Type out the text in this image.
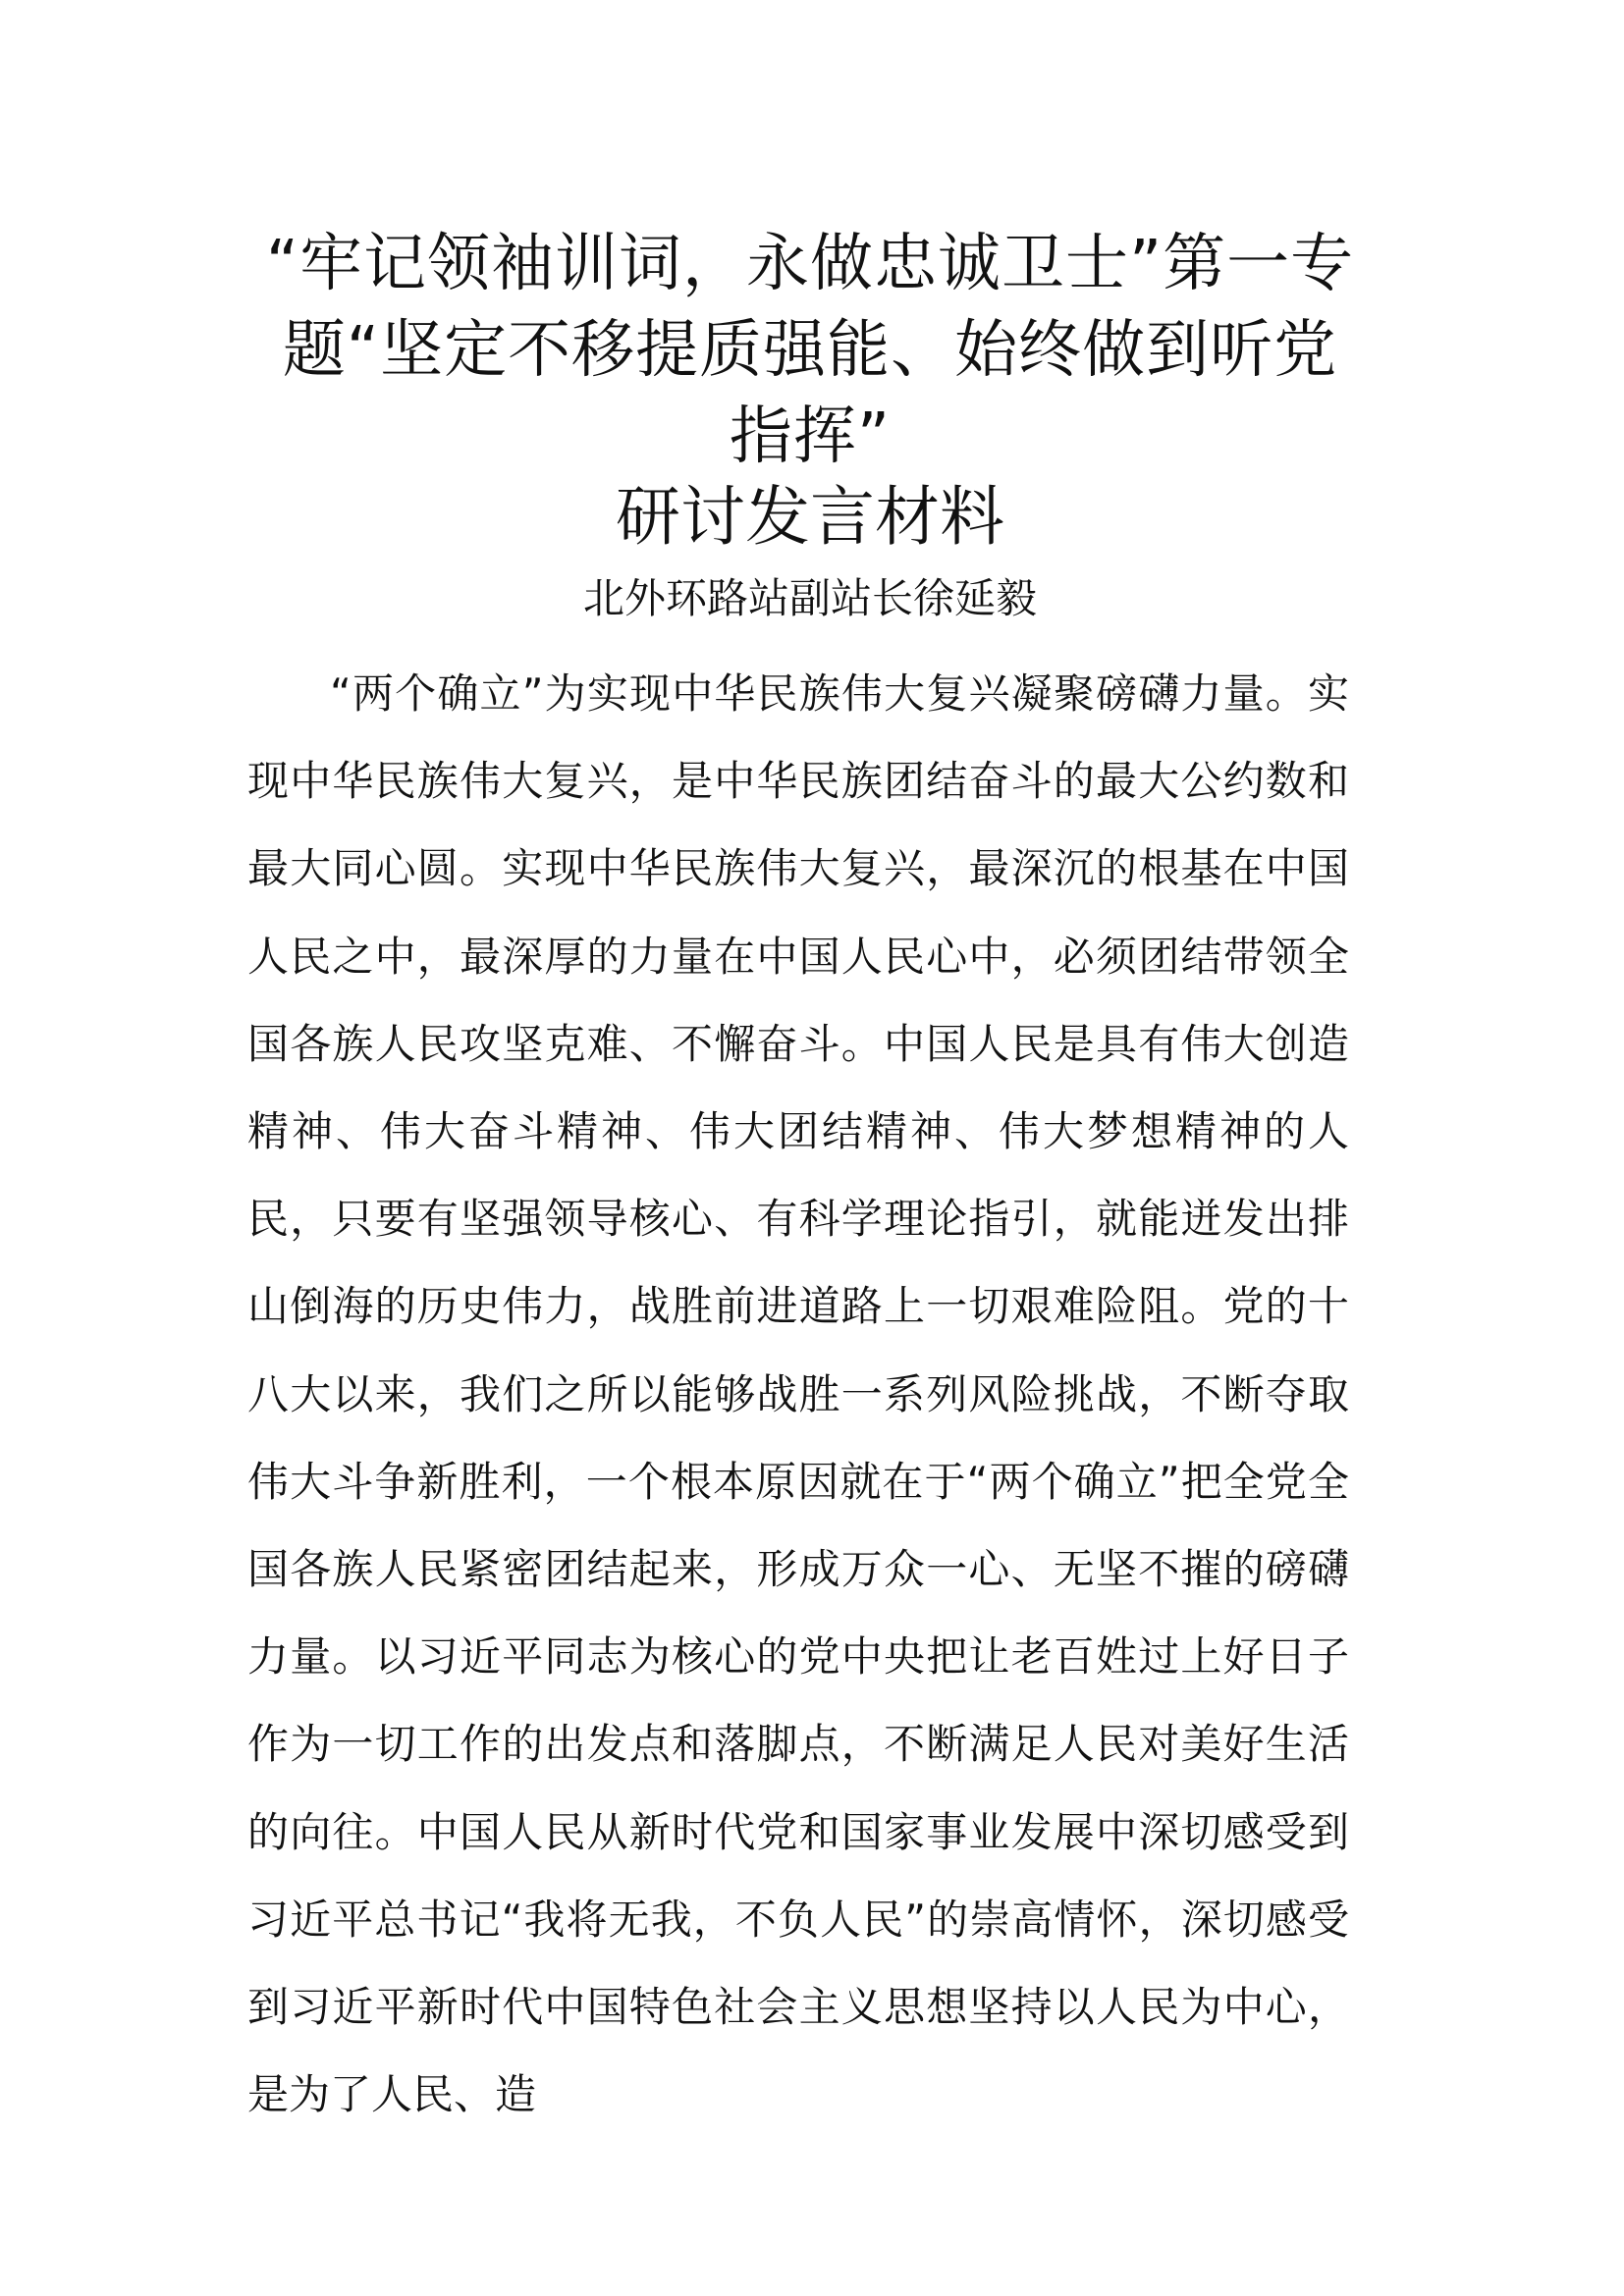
“牢记领袖训词，永做忠诚卫士”第一专题“坚定不移提质强能、始终做到听党指挥”
研讨发言材料
北外环路站副站长徐延毅

“两个确立”为实现中华民族伟大复兴凝聚磅礴力量。实现中华民族伟大复兴，是中华民族团结奋斗的最大公约数和最大同心圆。实现中华民族伟大复兴，最深沉的根基在中国人民之中，最深厚的力量在中国人民心中，必须团结带领全国各族人民攻坚克难、不懈奋斗。中国人民是具有伟大创造精神、伟大奋斗精神、伟大团结精神、伟大梦想精神的人民，只要有坚强领导核心、有科学理论指引，就能迸发出排山倒海的历史伟力，战胜前进道路上一切艰难险阻。党的十八大以来，我们之所以能够战胜一系列风险挑战，不断夺取伟大斗争新胜利，一个根本原因就在于“两个确立”把全党全国各族人民紧密团结起来，形成万众一心、无坚不摧的磅礴力量。以习近平同志为核心的党中央把让老百姓过上好日子作为一切工作的出发点和落脚点，不断满足人民对美好生活的向往。中国人民从新时代党和国家事业发展中深切感受到习近平总书记“我将无我，不负人民”的崇高情怀，深切感受到习近平新时代中国特色社会主义思想坚持以人民为中心，是为了人民、造
